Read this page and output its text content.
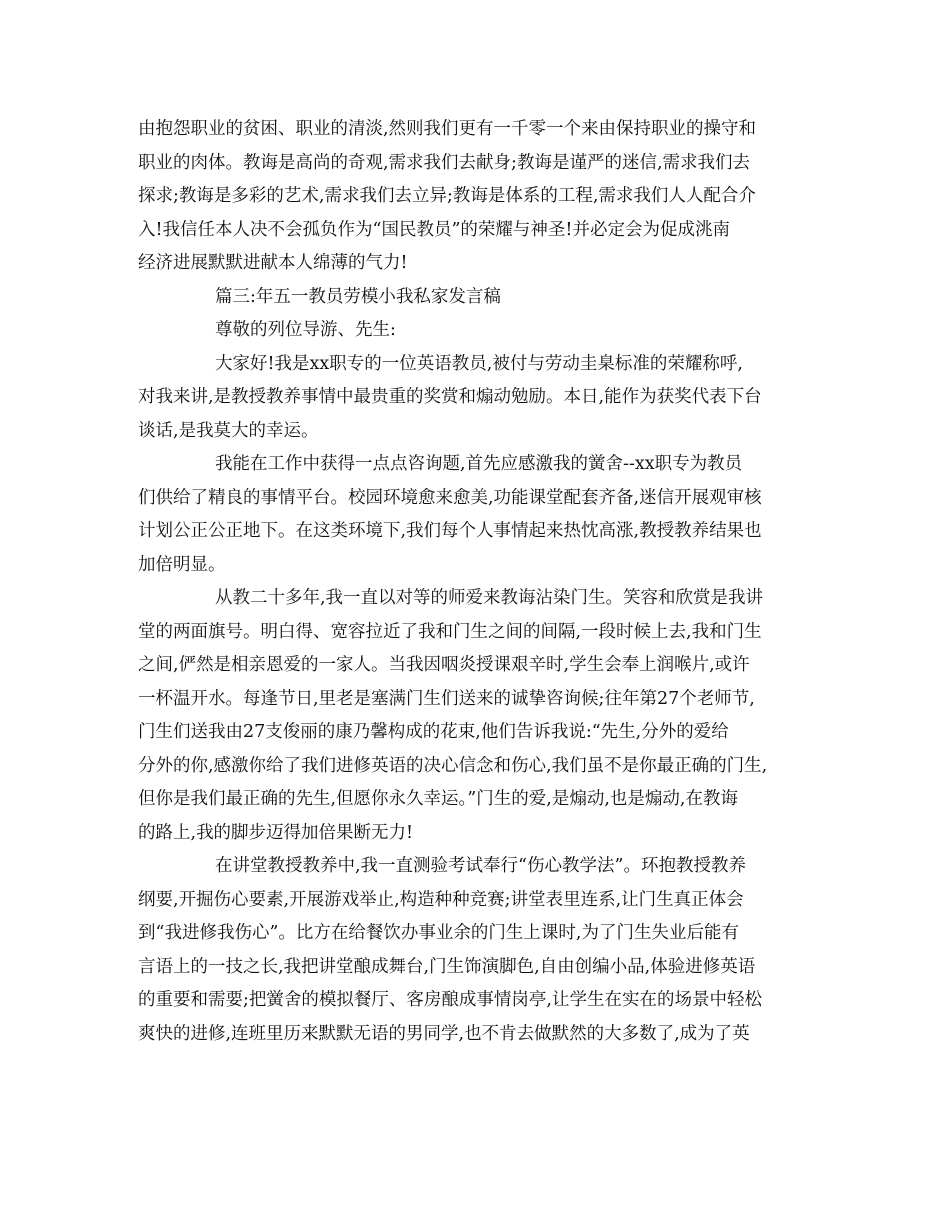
由抱怨职业的贫困、职业的清淡,然则我们更有一千零一个来由保持职业的操守和
职业的肉体。教诲是高尚的奇观,需求我们去献身;教诲是谨严的迷信,需求我们去
探求;教诲是多彩的艺术,需求我们去立异;教诲是体系的工程,需求我们人人配合介
入!我信任本人决不会孤负作为“国民教员”的荣耀与神圣!并必定会为促成洮南
经济进展默默进献本人绵薄的气力!
篇三:年五一教员劳模小我私家发言稿
尊敬的列位导游、先生:
大家好!我是xx职专的一位英语教员,被付与劳动圭臬标准的荣耀称呼,
对我来讲,是教授教养事情中最贵重的奖赏和煽动勉励。本日,能作为获奖代表下台
谈话,是我莫大的幸运。
我能在工作中获得一点点咨询题,首先应感激我的黉舍--xx职专为教员
们供给了精良的事情平台。校园环境愈来愈美,功能课堂配套齐备,迷信开展观审核
计划公正公正地下。在这类环境下,我们每个人事情起来热忱高涨,教授教养结果也
加倍明显。
从教二十多年,我一直以对等的师爱来教诲沾染门生。笑容和欣赏是我讲
堂的两面旗号。明白得、宽容拉近了我和门生之间的间隔,一段时候上去,我和门生
之间,俨然是相亲恩爱的一家人。当我因咽炎授课艰辛时,学生会奉上润喉片,或许
一杯温开水。每逢节日,里老是塞满门生们送来的诚挚咨询候;往年第27个老师节,
门生们送我由27支俊丽的康乃馨构成的花束,他们告诉我说:“先生,分外的爱给
分外的你,感激你给了我们进修英语的决心信念和伤心,我们虽不是你最正确的门生,
但你是我们最正确的先生,但愿你永久幸运。”门生的爱,是煽动,也是煽动,在教诲
的路上,我的脚步迈得加倍果断无力!
在讲堂教授教养中,我一直测验考试奉行“伤心教学法”。环抱教授教养
纲要,开掘伤心要素,开展游戏举止,构造种种竞赛;讲堂表里连系,让门生真正体会
到“我进修我伤心”。比方在给餐饮办事业余的门生上课时,为了门生失业后能有
言语上的一技之长,我把讲堂酿成舞台,门生饰演脚色,自由创编小品,体验进修英语
的重要和需要;把黉舍的模拟餐厅、客房酿成事情岗亭,让学生在实在的场景中轻松
爽快的进修,连班里历来默默无语的男同学,也不肯去做默然的大多数了,成为了英
